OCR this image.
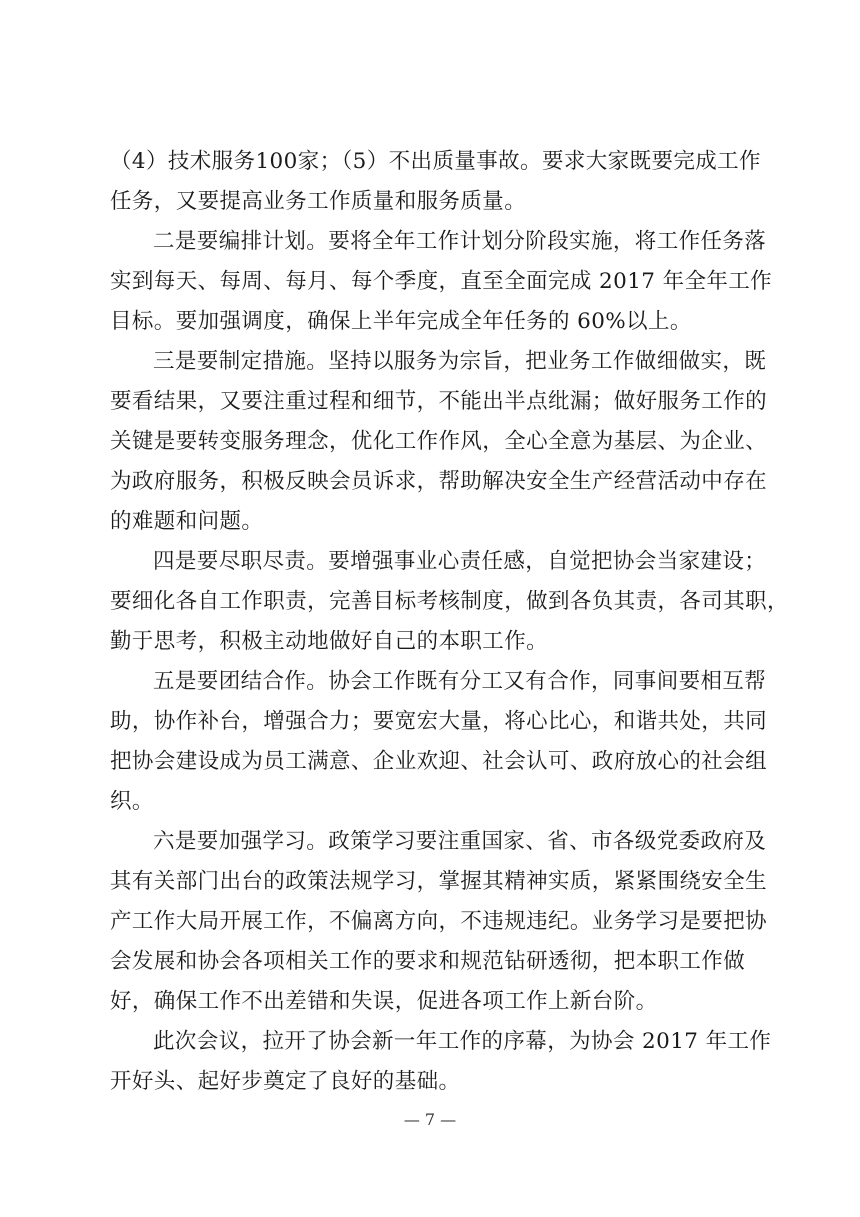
（4）技术服务100家；（5）不出质量事故。要求大家既要完成工作
任务，又要提高业务工作质量和服务质量。
二是要编排计划。要将全年工作计划分阶段实施，将工作任务落
实到每天、每周、每月、每个季度，直至全面完成 2017 年全年工作
目标。要加强调度，确保上半年完成全年任务的 60%以上。
三是要制定措施。坚持以服务为宗旨，把业务工作做细做实，既
要看结果，又要注重过程和细节，不能出半点纰漏；做好服务工作的
关键是要转变服务理念，优化工作作风，全心全意为基层、为企业、
为政府服务，积极反映会员诉求，帮助解决安全生产经营活动中存在
的难题和问题。
四是要尽职尽责。要增强事业心责任感，自觉把协会当家建设；
要细化各自工作职责，完善目标考核制度，做到各负其责，各司其职，
勤于思考，积极主动地做好自己的本职工作。
五是要团结合作。协会工作既有分工又有合作，同事间要相互帮
助，协作补台，增强合力；要宽宏大量，将心比心，和谐共处，共同
把协会建设成为员工满意、企业欢迎、社会认可、政府放心的社会组
织。
六是要加强学习。政策学习要注重国家、省、市各级党委政府及
其有关部门出台的政策法规学习，掌握其精神实质，紧紧围绕安全生
产工作大局开展工作，不偏离方向，不违规违纪。业务学习是要把协
会发展和协会各项相关工作的要求和规范钻研透彻，把本职工作做
好，确保工作不出差错和失误，促进各项工作上新台阶。
此次会议，拉开了协会新一年工作的序幕，为协会 2017 年工作
开好头、起好步奠定了良好的基础。
— 7 —
